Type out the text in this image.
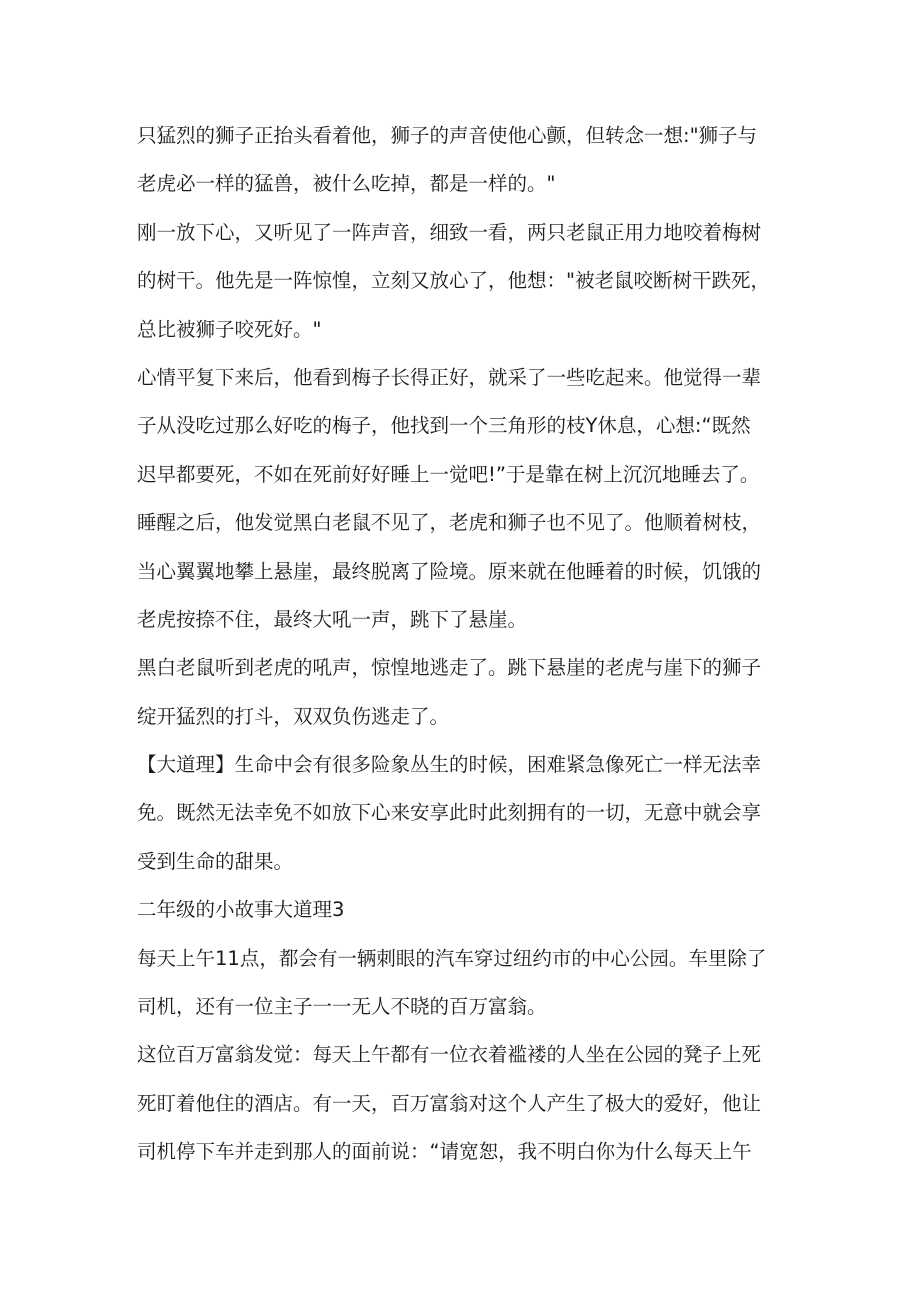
只猛烈的狮子正抬头看着他，狮子的声音使他心颤，但转念一想:"狮子与
老虎必一样的猛兽，被什么吃掉，都是一样的。"
刚一放下心，又听见了一阵声音，细致一看，两只老鼠正用力地咬着梅树
的树干。他先是一阵惊惶，立刻又放心了，他想："被老鼠咬断树干跌死，
总比被狮子咬死好。"
心情平复下来后，他看到梅子长得正好，就采了一些吃起来。他觉得一辈
子从没吃过那么好吃的梅子，他找到一个三角形的枝Y休息，心想:“既然
迟早都要死，不如在死前好好睡上一觉吧!”于是靠在树上沉沉地睡去了。
睡醒之后，他发觉黑白老鼠不见了，老虎和狮子也不见了。他顺着树枝，
当心翼翼地攀上悬崖，最终脱离了险境。原来就在他睡着的时候，饥饿的
老虎按捺不住，最终大吼一声，跳下了悬崖。
黑白老鼠听到老虎的吼声，惊惶地逃走了。跳下悬崖的老虎与崖下的狮子
绽开猛烈的打斗，双双负伤逃走了。
【大道理】生命中会有很多险象丛生的时候，困难紧急像死亡一样无法幸
免。既然无法幸免不如放下心来安享此时此刻拥有的一切，无意中就会享
受到生命的甜果。
二年级的小故事大道理3
每天上午11点，都会有一辆刺眼的汽车穿过纽约市的中心公园。车里除了
司机，还有一位主子一一无人不晓的百万富翁。
这位百万富翁发觉：每天上午都有一位衣着褴褛的人坐在公园的凳子上死
死盯着他住的酒店。有一天，百万富翁对这个人产生了极大的爱好，他让
司机停下车并走到那人的面前说：“请宽恕，我不明白你为什么每天上午
